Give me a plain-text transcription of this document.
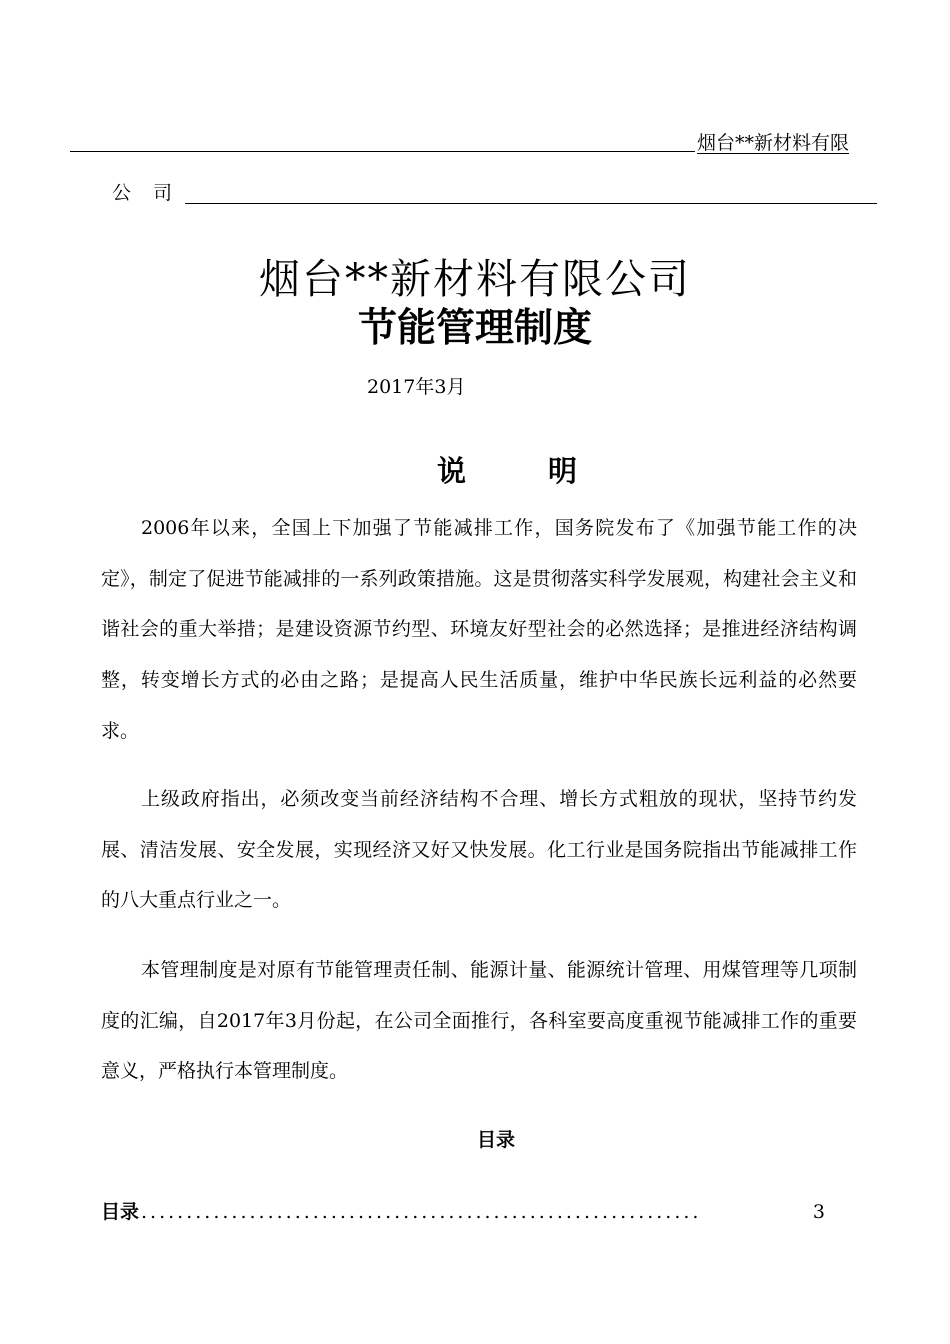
烟台**新材料有限
公司
烟台**新材料有限公司
节能管理制度
2017年3月
说明

2006年以来，全国上下加强了节能减排工作，国务院发布了《加强节能工作的决定》，制定了促进节能减排的一系列政策措施。这是贯彻落实科学发展观，构建社会主义和谐社会的重大举措；是建设资源节约型、环境友好型社会的必然选择；是推进经济结构调整，转变增长方式的必由之路；是提高人民生活质量，维护中华民族长远利益的必然要求。

上级政府指出，必须改变当前经济结构不合理、增长方式粗放的现状，坚持节约发展、清洁发展、安全发展，实现经济又好又快发展。化工行业是国务院指出节能减排工作的八大重点行业之一。

本管理制度是对原有节能管理责任制、能源计量、能源统计管理、用煤管理等几项制度的汇编，自2017年3月份起，在公司全面推行，各科室要高度重视节能减排工作的重要意义，严格执行本管理制度。

目录
目录 ..............................................................	3
